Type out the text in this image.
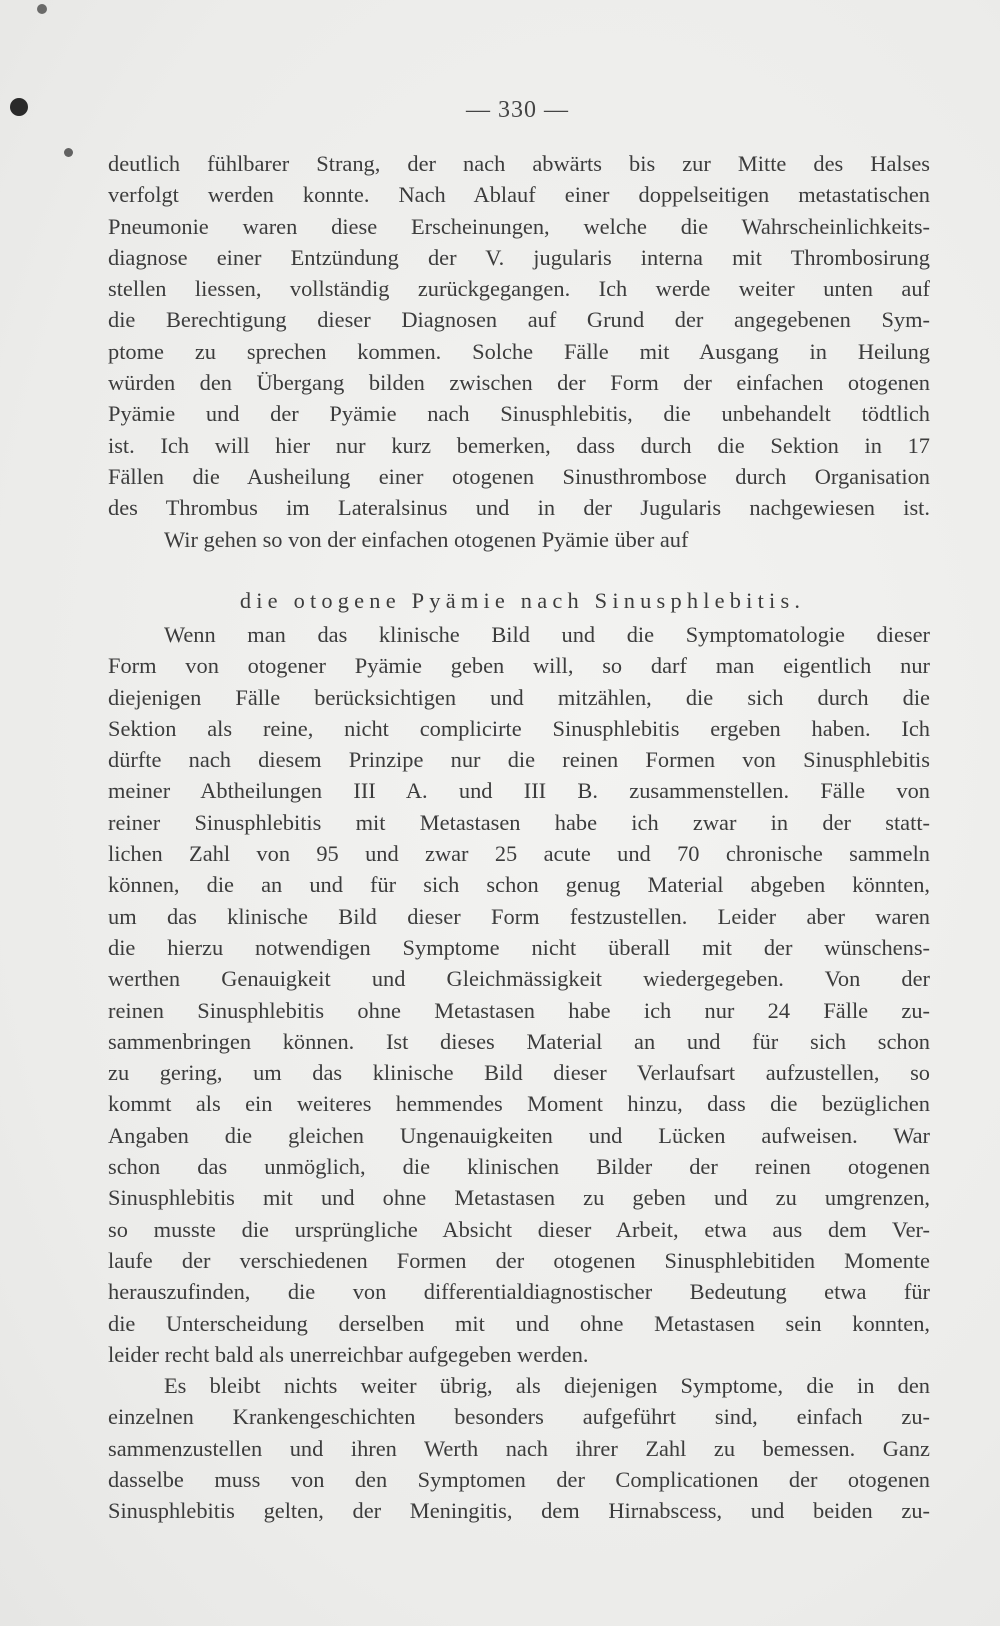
— 330 —
deutlich fühlbarer Strang, der nach abwärts bis zur Mitte des Halses
verfolgt werden konnte. Nach Ablauf einer doppelseitigen metastatischen
Pneumonie waren diese Erscheinungen, welche die Wahrscheinlichkeits-
diagnose einer Entzündung der V. jugularis interna mit Thrombosirung
stellen liessen, vollständig zurückgegangen. Ich werde weiter unten auf
die Berechtigung dieser Diagnosen auf Grund der angegebenen Sym-
ptome zu sprechen kommen. Solche Fälle mit Ausgang in Heilung
würden den Übergang bilden zwischen der Form der einfachen otogenen
Pyämie und der Pyämie nach Sinusphlebitis, die unbehandelt tödtlich
ist. Ich will hier nur kurz bemerken, dass durch die Sektion in 17
Fällen die Ausheilung einer otogenen Sinusthrombose durch Organisation
des Thrombus im Lateralsinus und in der Jugularis nachgewiesen ist.
Wir gehen so von der einfachen otogenen Pyämie über auf
die otogene Pyämie nach Sinusphlebitis.
Wenn man das klinische Bild und die Symptomatologie dieser
Form von otogener Pyämie geben will, so darf man eigentlich nur
diejenigen Fälle berücksichtigen und mitzählen, die sich durch die
Sektion als reine, nicht complicirte Sinusphlebitis ergeben haben. Ich
dürfte nach diesem Prinzipe nur die reinen Formen von Sinusphlebitis
meiner Abtheilungen III A. und III B. zusammenstellen. Fälle von
reiner Sinusphlebitis mit Metastasen habe ich zwar in der statt-
lichen Zahl von 95 und zwar 25 acute und 70 chronische sammeln
können, die an und für sich schon genug Material abgeben könnten,
um das klinische Bild dieser Form festzustellen. Leider aber waren
die hierzu notwendigen Symptome nicht überall mit der wünschens-
werthen Genauigkeit und Gleichmässigkeit wiedergegeben. Von der
reinen Sinusphlebitis ohne Metastasen habe ich nur 24 Fälle zu-
sammenbringen können. Ist dieses Material an und für sich schon
zu gering, um das klinische Bild dieser Verlaufsart aufzustellen, so
kommt als ein weiteres hemmendes Moment hinzu, dass die bezüglichen
Angaben die gleichen Ungenauigkeiten und Lücken aufweisen. War
schon das unmöglich, die klinischen Bilder der reinen otogenen
Sinusphlebitis mit und ohne Metastasen zu geben und zu umgrenzen,
so musste die ursprüngliche Absicht dieser Arbeit, etwa aus dem Ver-
laufe der verschiedenen Formen der otogenen Sinusphlebitiden Momente
herauszufinden, die von differentialdiagnostischer Bedeutung etwa für
die Unterscheidung derselben mit und ohne Metastasen sein konnten,
leider recht bald als unerreichbar aufgegeben werden.
Es bleibt nichts weiter übrig, als diejenigen Symptome, die in den
einzelnen Krankengeschichten besonders aufgeführt sind, einfach zu-
sammenzustellen und ihren Werth nach ihrer Zahl zu bemessen. Ganz
dasselbe muss von den Symptomen der Complicationen der otogenen
Sinusphlebitis gelten, der Meningitis, dem Hirnabscess, und beiden zu-
